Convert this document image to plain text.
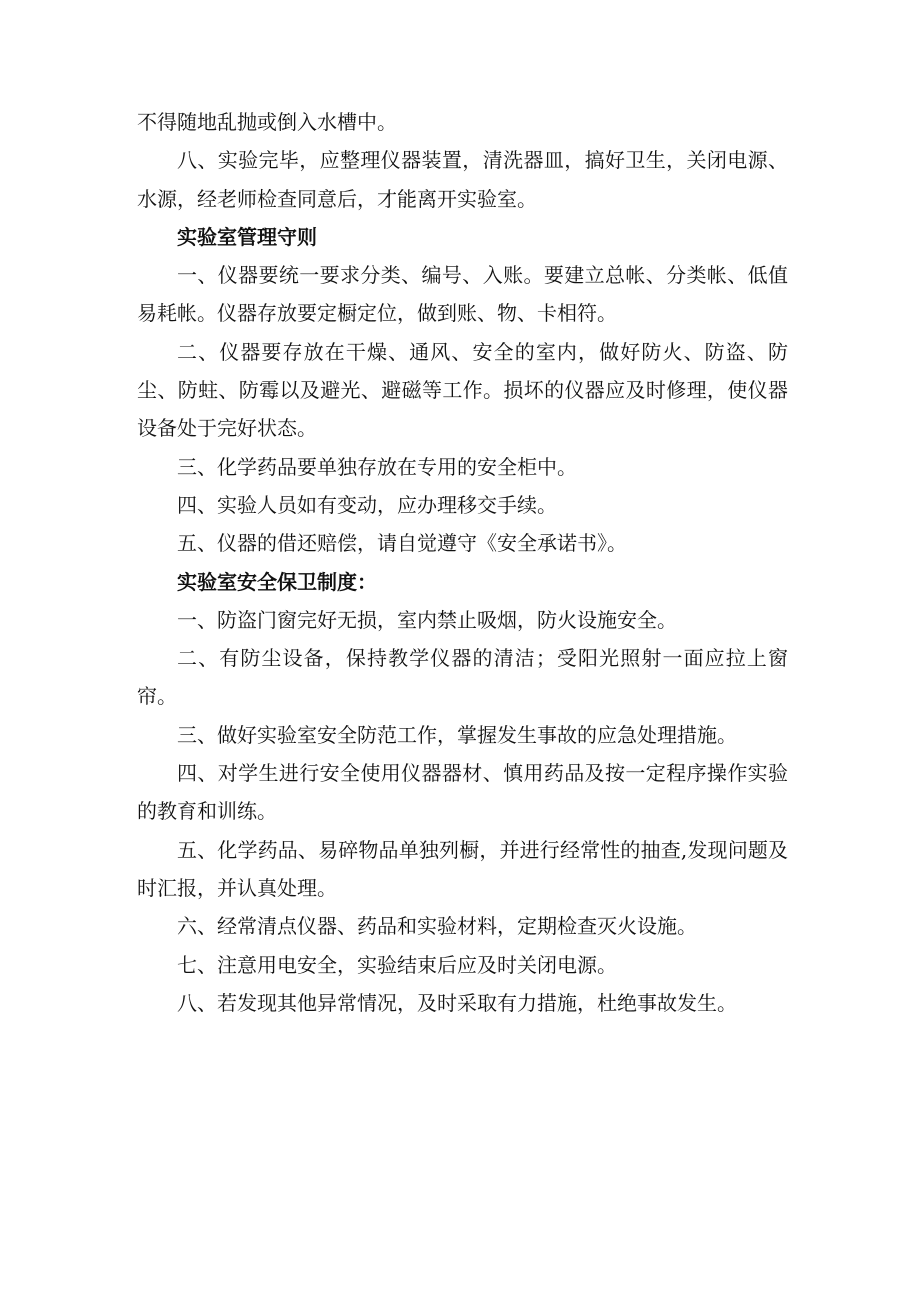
不得随地乱抛或倒入水槽中。

八、实验完毕，应整理仪器装置，清洗器皿，搞好卫生，关闭电源、水源，经老师检查同意后，才能离开实验室。

实验室管理守则

一、仪器要统一要求分类、编号、入账。要建立总帐、分类帐、低值易耗帐。仪器存放要定橱定位，做到账、物、卡相符。

二、仪器要存放在干燥、通风、安全的室内，做好防火、防盗、防尘、防蛀、防霉以及避光、避磁等工作。损坏的仪器应及时修理，使仪器设备处于完好状态。

三、化学药品要单独存放在专用的安全柜中。

四、实验人员如有变动，应办理移交手续。

五、仪器的借还赔偿，请自觉遵守《安全承诺书》。

实验室安全保卫制度：

一、防盗门窗完好无损，室内禁止吸烟，防火设施安全。

二、有防尘设备，保持教学仪器的清洁；受阳光照射一面应拉上窗帘。

三、做好实验室安全防范工作，掌握发生事故的应急处理措施。

四、对学生进行安全使用仪器器材、慎用药品及按一定程序操作实验的教育和训练。

五、化学药品、易碎物品单独列橱，并进行经常性的抽查,发现问题及时汇报，并认真处理。

六、经常清点仪器、药品和实验材料，定期检查灭火设施。

七、注意用电安全，实验结束后应及时关闭电源。

八、若发现其他异常情况，及时采取有力措施，杜绝事故发生。
